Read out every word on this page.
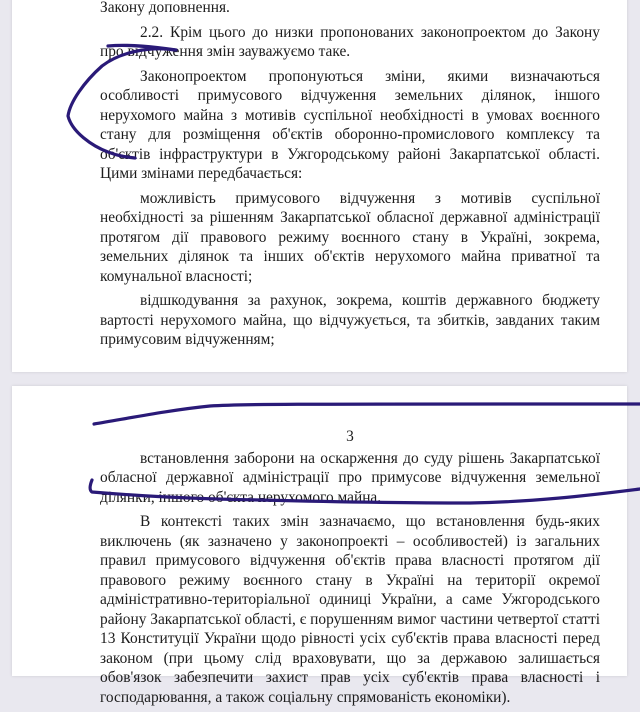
Закону доповнення.

2.2. Крім цього до низки пропонованих законопроектом до Закону про відчуження змін зауважуємо таке.

Законопроектом пропонуються зміни, якими визначаються особливості примусового відчуження земельних ділянок, іншого нерухомого майна з мотивів суспільної необхідності в умовах воєнного стану для розміщення об'єктів оборонно-промислового комплексу та об'єктів інфраструктури в Ужгородському районі Закарпатської області. Цими змінами передбачається:

можливість примусового відчуження з мотивів суспільної необхідності за рішенням Закарпатської обласної державної адміністрації протягом дії правового режиму воєнного стану в Україні, зокрема, земельних ділянок та інших об'єктів нерухомого майна приватної та комунальної власності;

відшкодування за рахунок, зокрема, коштів державного бюджету вартості нерухомого майна, що відчужується, та збитків, завданих таким примусовим відчуженням;

3

встановлення заборони на оскарження до суду рішень Закарпатської обласної державної адміністрації про примусове відчуження земельної ділянки, іншого об'єкта нерухомого майна.

В контексті таких змін зазначаємо, що встановлення будь-яких виключень (як зазначено у законопроекті – особливостей) із загальних правил примусового відчуження об'єктів права власності протягом дії правового режиму воєнного стану в Україні на території окремої адміністративно-територіальної одиниці України, а саме Ужгородського району Закарпатської області, є порушенням вимог частини четвертої статті 13 Конституції України щодо рівності усіх суб'єктів права власності перед законом (при цьому слід враховувати, що за державою залишається обов'язок забезпечити захист прав усіх суб'єктів права власності і господарювання, а також соціальну спрямованість економіки).
